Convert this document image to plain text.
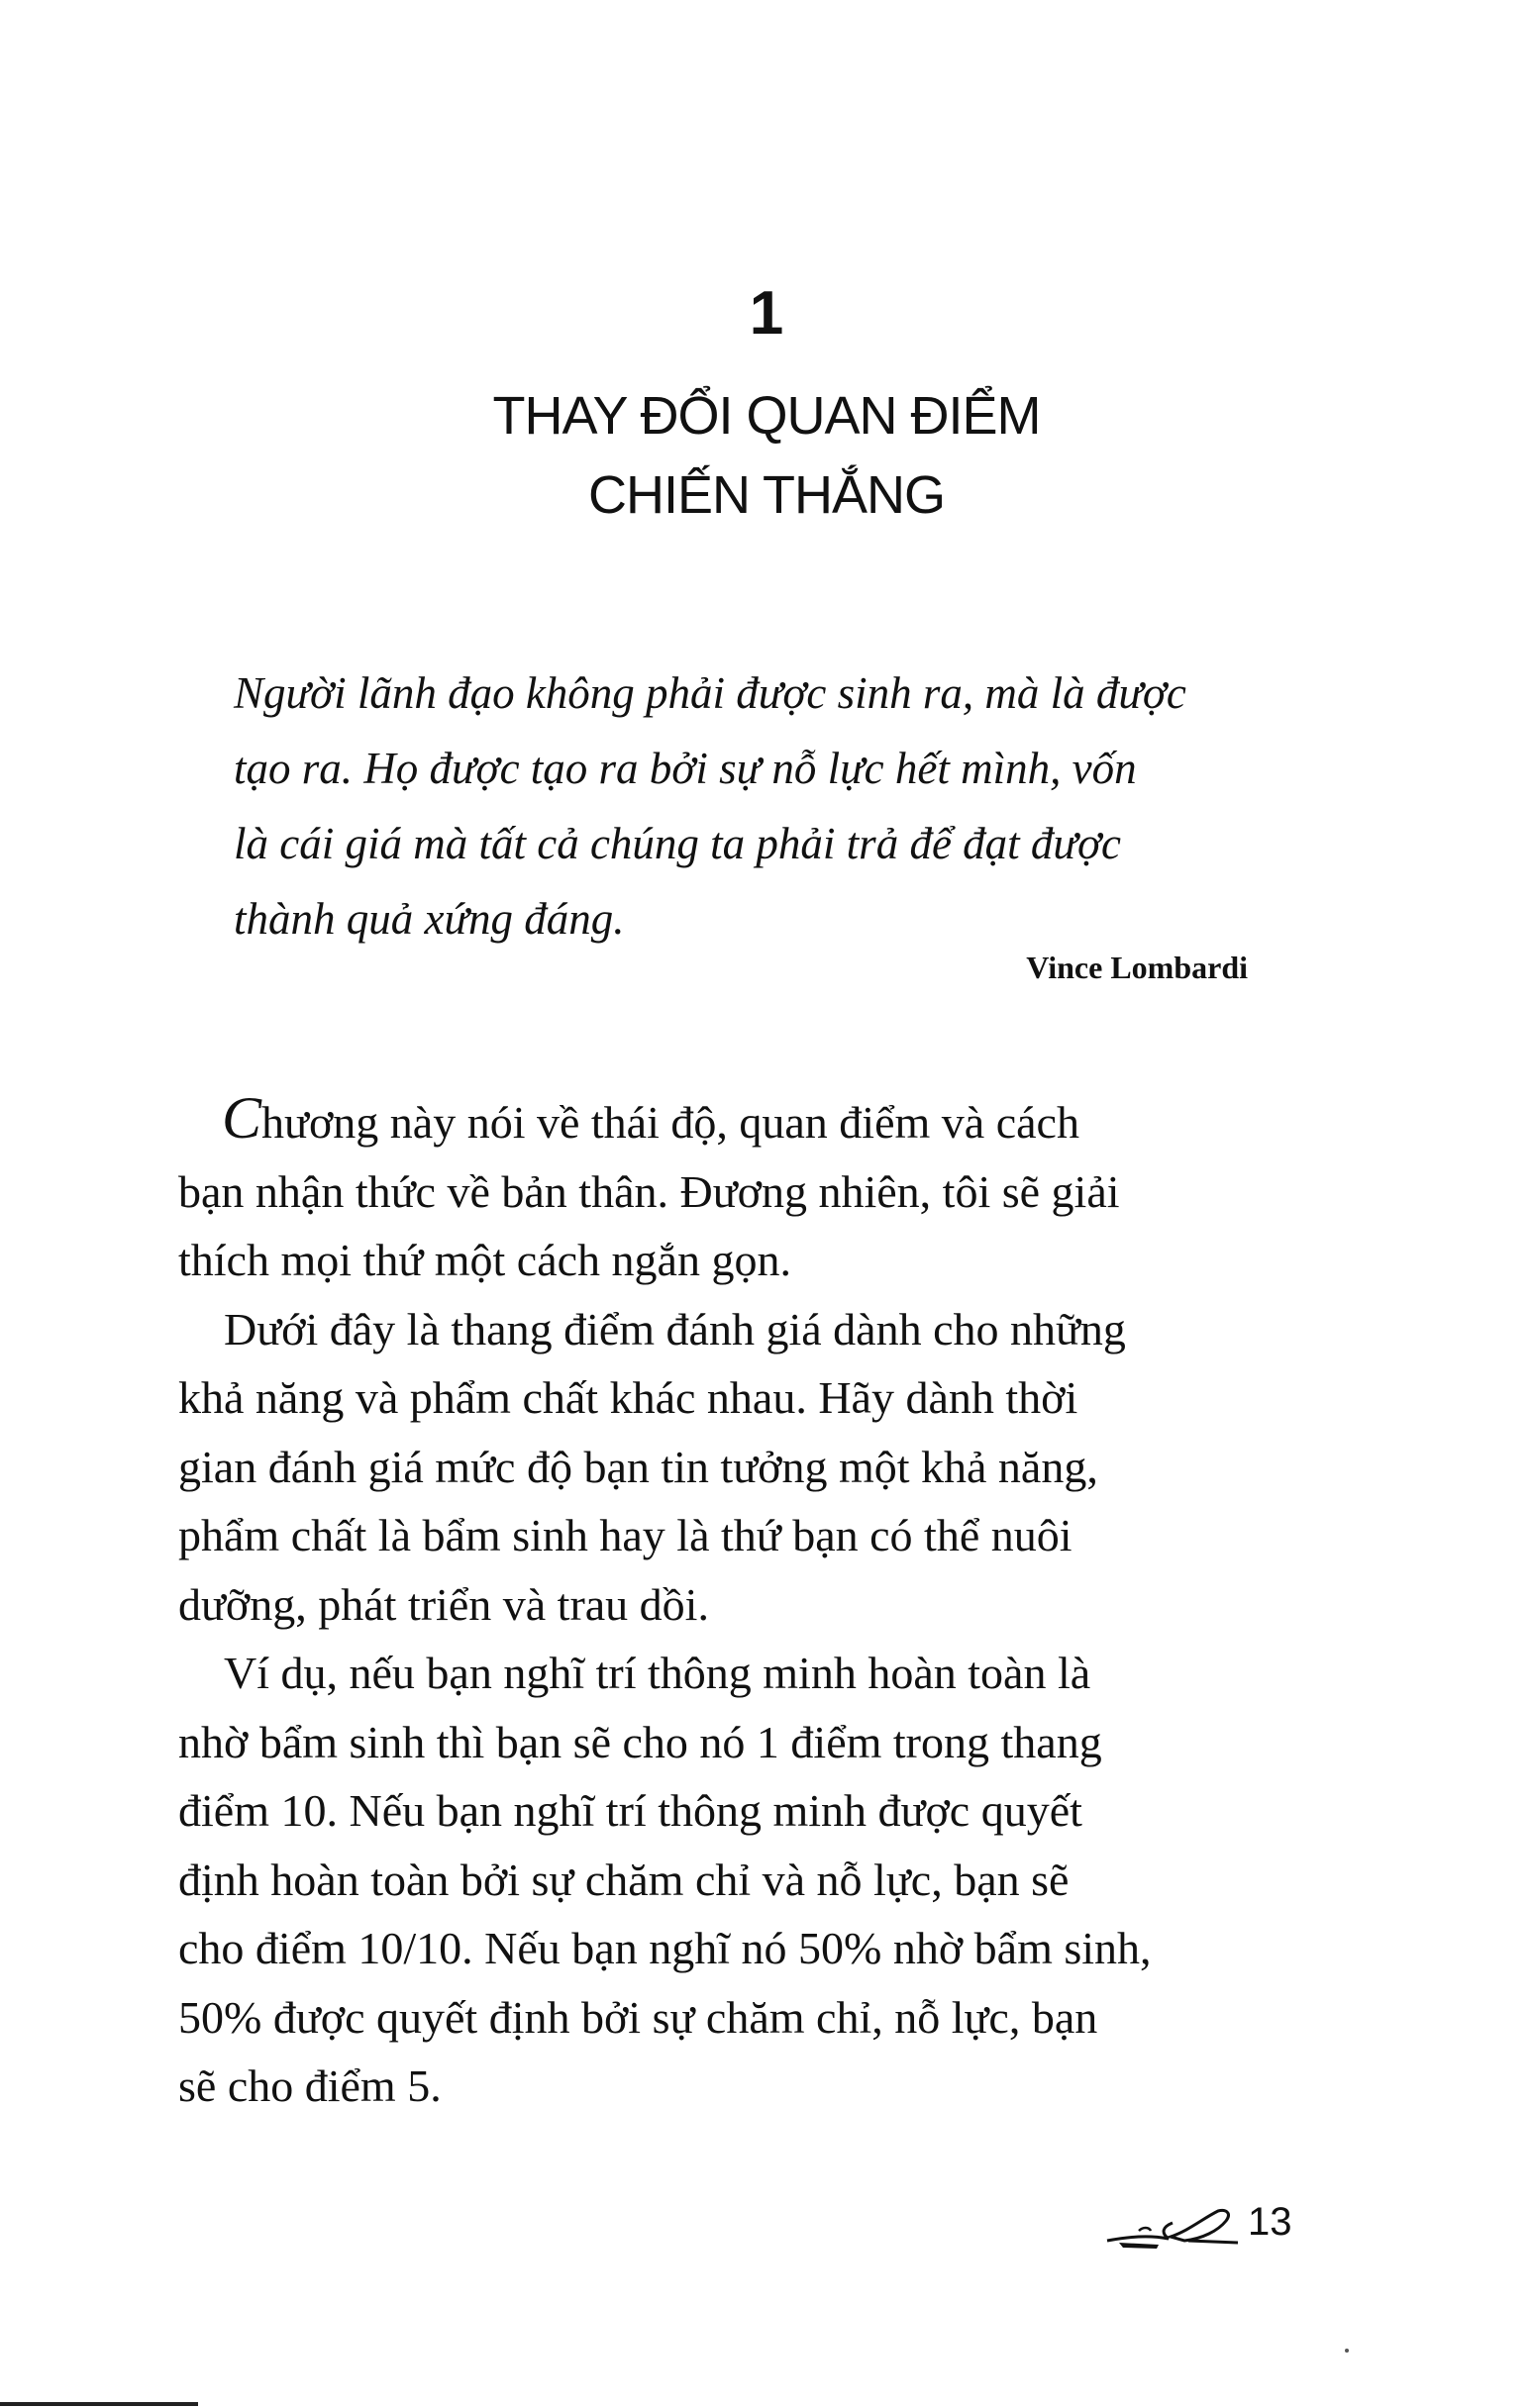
1
THAY ĐỔI QUAN ĐIỂM
CHIẾN THẮNG
Người lãnh đạo không phải được sinh ra, mà là được
tạo ra. Họ được tạo ra bởi sự nỗ lực hết mình, vốn
là cái giá mà tất cả chúng ta phải trả để đạt được
thành quả xứng đáng.
Vince Lombardi
Chương này nói về thái độ, quan điểm và cách
bạn nhận thức về bản thân. Đương nhiên, tôi sẽ giải
thích mọi thứ một cách ngắn gọn.
Dưới đây là thang điểm đánh giá dành cho những
khả năng và phẩm chất khác nhau. Hãy dành thời
gian đánh giá mức độ bạn tin tưởng một khả năng,
phẩm chất là bẩm sinh hay là thứ bạn có thể nuôi
dưỡng, phát triển và trau dồi.
Ví dụ, nếu bạn nghĩ trí thông minh hoàn toàn là
nhờ bẩm sinh thì bạn sẽ cho nó 1 điểm trong thang
điểm 10. Nếu bạn nghĩ trí thông minh được quyết
định hoàn toàn bởi sự chăm chỉ và nỗ lực, bạn sẽ
cho điểm 10/10. Nếu bạn nghĩ nó 50% nhờ bẩm sinh,
50% được quyết định bởi sự chăm chỉ, nỗ lực, bạn
sẽ cho điểm 5.
13
